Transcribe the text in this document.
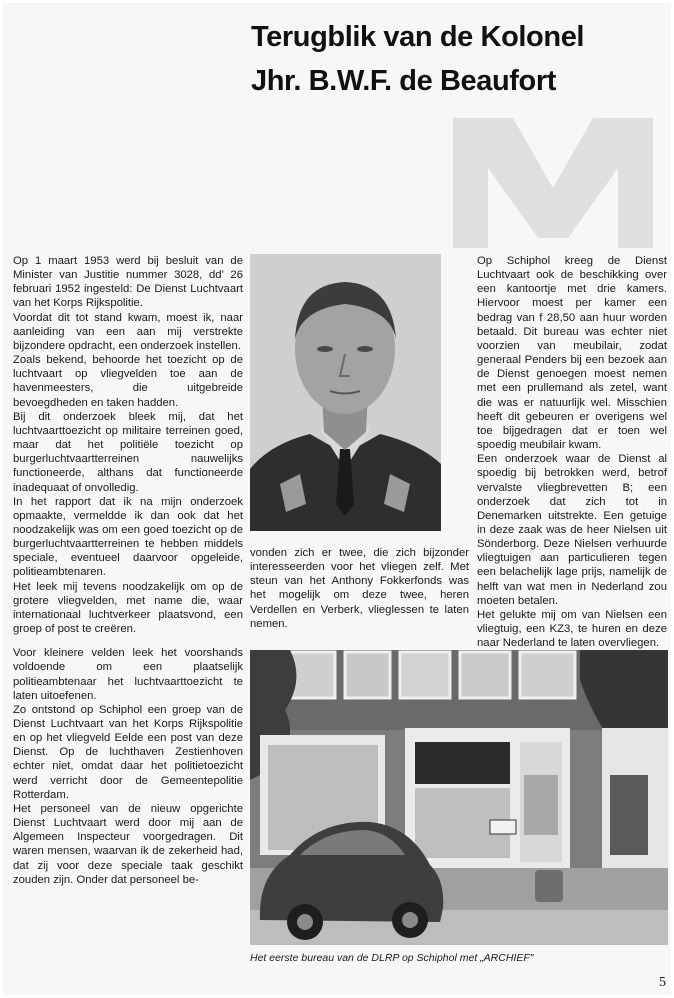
Terugblik van de Kolonel
Jhr. B.W.F. de Beaufort

Op 1 maart 1953 werd bij besluit van de Minister van Justitie nummer 3028, dd' 26 februari 1952 ingesteld: De Dienst Luchtvaart van het Korps Rijkspolitie.

Voordat dit tot stand kwam, moest ik, naar aanleiding van een aan mij verstrekte bijzondere opdracht, een onderzoek instellen.

Zoals bekend, behoorde het toezicht op de luchtvaart op vliegvelden toe aan de havenmeesters, die uitgebreide bevoegdheden en taken hadden.

Bij dit onderzoek bleek mij, dat het luchtvaarttoezicht op militaire terreinen goed, maar dat het politiële toezicht op burgerluchtvaartterreinen nauwelijks functioneerde, althans dat functioneerde inadequaat of onvolledig.

In het rapport dat ik na mijn onderzoek opmaakte, vermeldde ik dan ook dat het noodzakelijk was om een goed toezicht op de burgerluchtvaartterreinen te hebben middels speciale, eventueel daarvoor opgeleide, politieambtenaren.

Het leek mij tevens noodzakelijk om op de grotere vliegvelden, met name die, waar internationaal luchtverkeer plaatsvond, een groep of post te creëren.

Voor kleinere velden leek het voorshands voldoende om een plaatselijk politieambtenaar het luchtvaarttoezicht te laten uitoefenen.

Zo ontstond op Schiphol een groep van de Dienst Luchtvaart van het Korps Rijkspolitie en op het vliegveld Eelde een post van deze Dienst. Op de luchthaven Zestienhoven echter niet, omdat daar het politietoezicht werd verricht door de Gemeentepolitie Rotterdam.

Het personeel van de nieuw opgerichte Dienst Luchtvaart werd door mij aan de Algemeen Inspecteur voorgedragen. Dit waren mensen, waarvan ik de zekerheid had, dat zij voor deze speciale taak geschikt zouden zijn. Onder dat personeel be-

vonden zich er twee, die zich bijzonder interesseerden voor het vliegen zelf. Met steun van het Anthony Fokkerfonds was het mogelijk om deze twee, heren Verdellen en Verberk, vlieglessen te laten nemen.

Op Schiphol kreeg de Dienst Luchtvaart ook de beschikking over een kantoortje met drie kamers. Hiervoor moest per kamer een bedrag van f 28,50 aan huur worden betaald. Dit bureau was echter niet voorzien van meubilair, zodat generaal Penders bij een bezoek aan de Dienst genoegen moest nemen met een prullemand als zetel, want die was er natuurlijk wel. Misschien heeft dit gebeuren er overigens wel toe bijgedragen dat er toen wel spoedig meubilair kwam.

Een onderzoek waar de Dienst al spoedig bij betrokken werd, betrof vervalste vliegbrevetten B; een onderzoek dat zich tot in Denemarken uitstrekte. Een getuige in deze zaak was de heer Nielsen uit Sönderborg. Deze Nielsen verhuurde vliegtuigen aan particulieren tegen een belachelijk lage prijs, namelijk de helft van wat men in Nederland zou moeten betalen.

Het gelukte mij om van Nielsen een vliegtuig, een KZ3, te huren en deze naar Nederland te laten overvliegen.

Het eerste bureau van de DLRP op Schiphol met „ARCHIEF"
5
